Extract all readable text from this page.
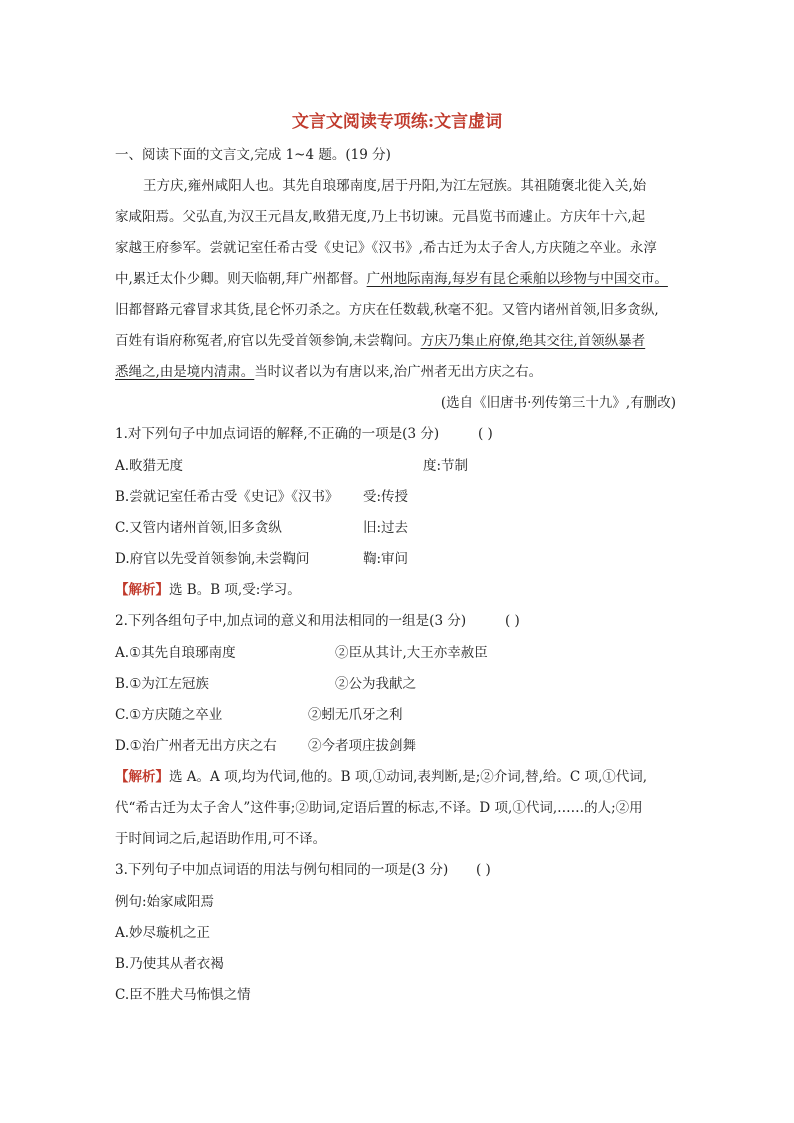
文言文阅读专项练:文言虚词
一、阅读下面的文言文,完成 1~4 题。(19 分)
王方庆,雍州咸阳人也。其先自琅琊南度,居于丹阳,为江左冠族。其祖随褒北徙入关,始
家咸阳焉。父弘直,为汉王元昌友,畋猎无度,乃上书切谏。元昌览书而遽止。方庆年十六,起
家越王府参军。尝就记室任希古受《史记》《汉书》,希古迁为太子舍人,方庆随之卒业。永淳
中,累迁太仆少卿。则天临朝,拜广州都督。广州地际南海,每岁有昆仑乘舶以珍物与中国交市。
旧都督路元睿冒求其货,昆仑怀刃杀之。方庆在任数载,秋毫不犯。又管内诸州首领,旧多贪纵,
百姓有诣府称冤者,府官以先受首领参饷,未尝鞫问。方庆乃集止府僚,绝其交往,首领纵暴者
悉绳之,由是境内清肃。当时议者以为有唐以来,治广州者无出方庆之右。
(选自《旧唐书·列传第三十九》,有删改)
1.对下列句子中加点词语的解释,不正确的一项是(3 分)	( )
A.畋猎无度	度:节制
B.尝就记室任希古受《史记》《汉书》 受:传授
C.又管内诸州首领,旧多贪纵	旧:过去
D.府官以先受首领参饷,未尝鞫问	鞫:审问
【解析】选 B。B 项,受:学习。
2.下列各组句子中,加点词的意义和用法相同的一组是(3 分)	( )
A.①其先自琅琊南度	②臣从其计,大王亦幸赦臣
B.①为江左冠族	②公为我献之
C.①方庆随之卒业	②蚓无爪牙之利
D.①治广州者无出方庆之右 ②今者项庄拔剑舞
【解析】选 A。A 项,均为代词,他的。B 项,①动词,表判断,是;②介词,替,给。C 项,①代词,
代“希古迁为太子舍人”这件事;②助词,定语后置的标志,不译。D 项,①代词,……的人;②用
于时间词之后,起语助作用,可不译。
3.下列句子中加点词语的用法与例句相同的一项是(3 分) ( )
例句:始家咸阳焉
A.妙尽璇机之正
B.乃使其从者衣褐
C.臣不胜犬马怖惧之情
